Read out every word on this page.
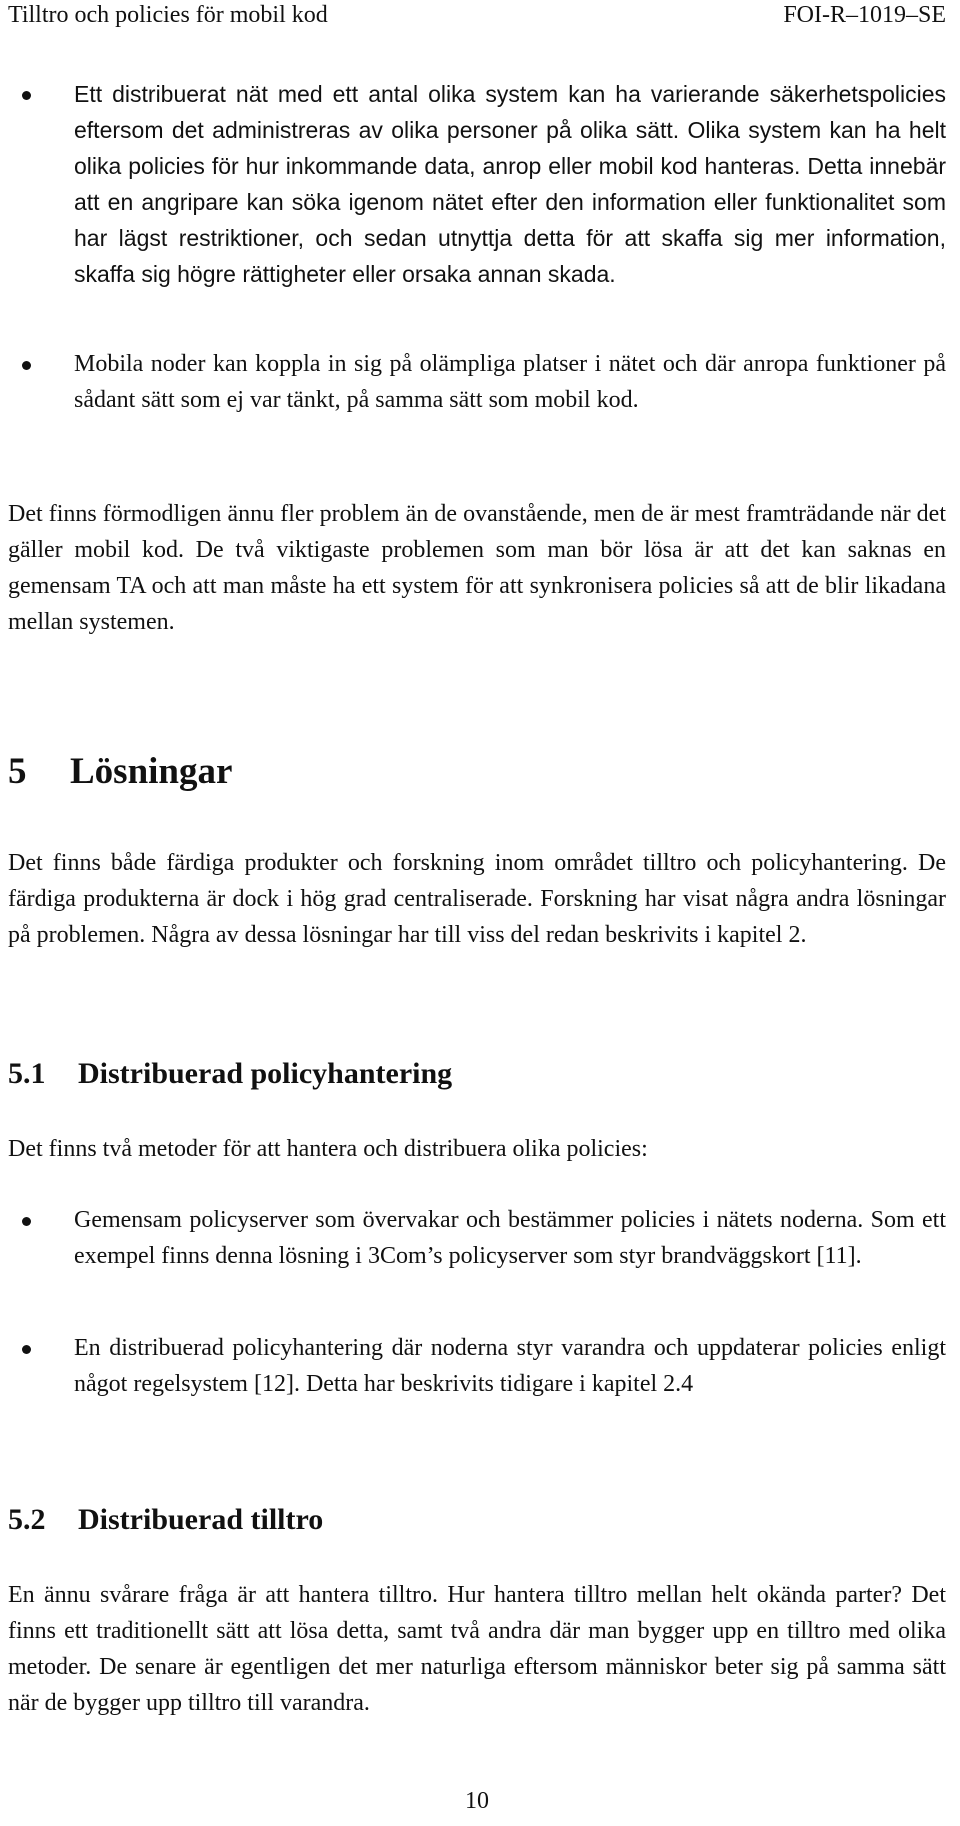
Tilltro och policies för mobil kod	FOI-R–1019–SE

Ett distribuerat nät med ett antal olika system kan ha varierande säkerhetspolicies eftersom det administreras av olika personer på olika sätt. Olika system kan ha helt olika policies för hur inkommande data, anrop eller mobil kod hanteras. Detta innebär att en angripare kan söka igenom nätet efter den information eller funktionalitet som har lägst restriktioner, och sedan utnyttja detta för att skaffa sig mer information, skaffa sig högre rättigheter eller orsaka annan skada.

Mobila noder kan koppla in sig på olämpliga platser i nätet och där anropa funktioner på sådant sätt som ej var tänkt, på samma sätt som mobil kod.

Det finns förmodligen ännu fler problem än de ovanstående, men de är mest framträdande när det gäller mobil kod. De två viktigaste problemen som man bör lösa är att det kan saknas en gemensam TA och att man måste ha ett system för att synkronisera policies så att de blir likadana mellan systemen.

5 Lösningar

Det finns både färdiga produkter och forskning inom området tilltro och policyhantering. De färdiga produkterna är dock i hög grad centraliserade. Forskning har visat några andra lösningar på problemen. Några av dessa lösningar har till viss del redan beskrivits i kapitel 2.

5.1 Distribuerad policyhantering

Det finns två metoder för att hantera och distribuera olika policies:

Gemensam policyserver som övervakar och bestämmer policies i nätets noderna. Som ett exempel finns denna lösning i 3Com’s policyserver som styr brandväggskort [11].

En distribuerad policyhantering där noderna styr varandra och uppdaterar policies enligt något regelsystem [12]. Detta har beskrivits tidigare i kapitel 2.4

5.2 Distribuerad tilltro

En ännu svårare fråga är att hantera tilltro. Hur hantera tilltro mellan helt okända parter? Det finns ett traditionellt sätt att lösa detta, samt två andra där man bygger upp en tilltro med olika metoder. De senare är egentligen det mer naturliga eftersom människor beter sig på samma sätt när de bygger upp tilltro till varandra.

10
